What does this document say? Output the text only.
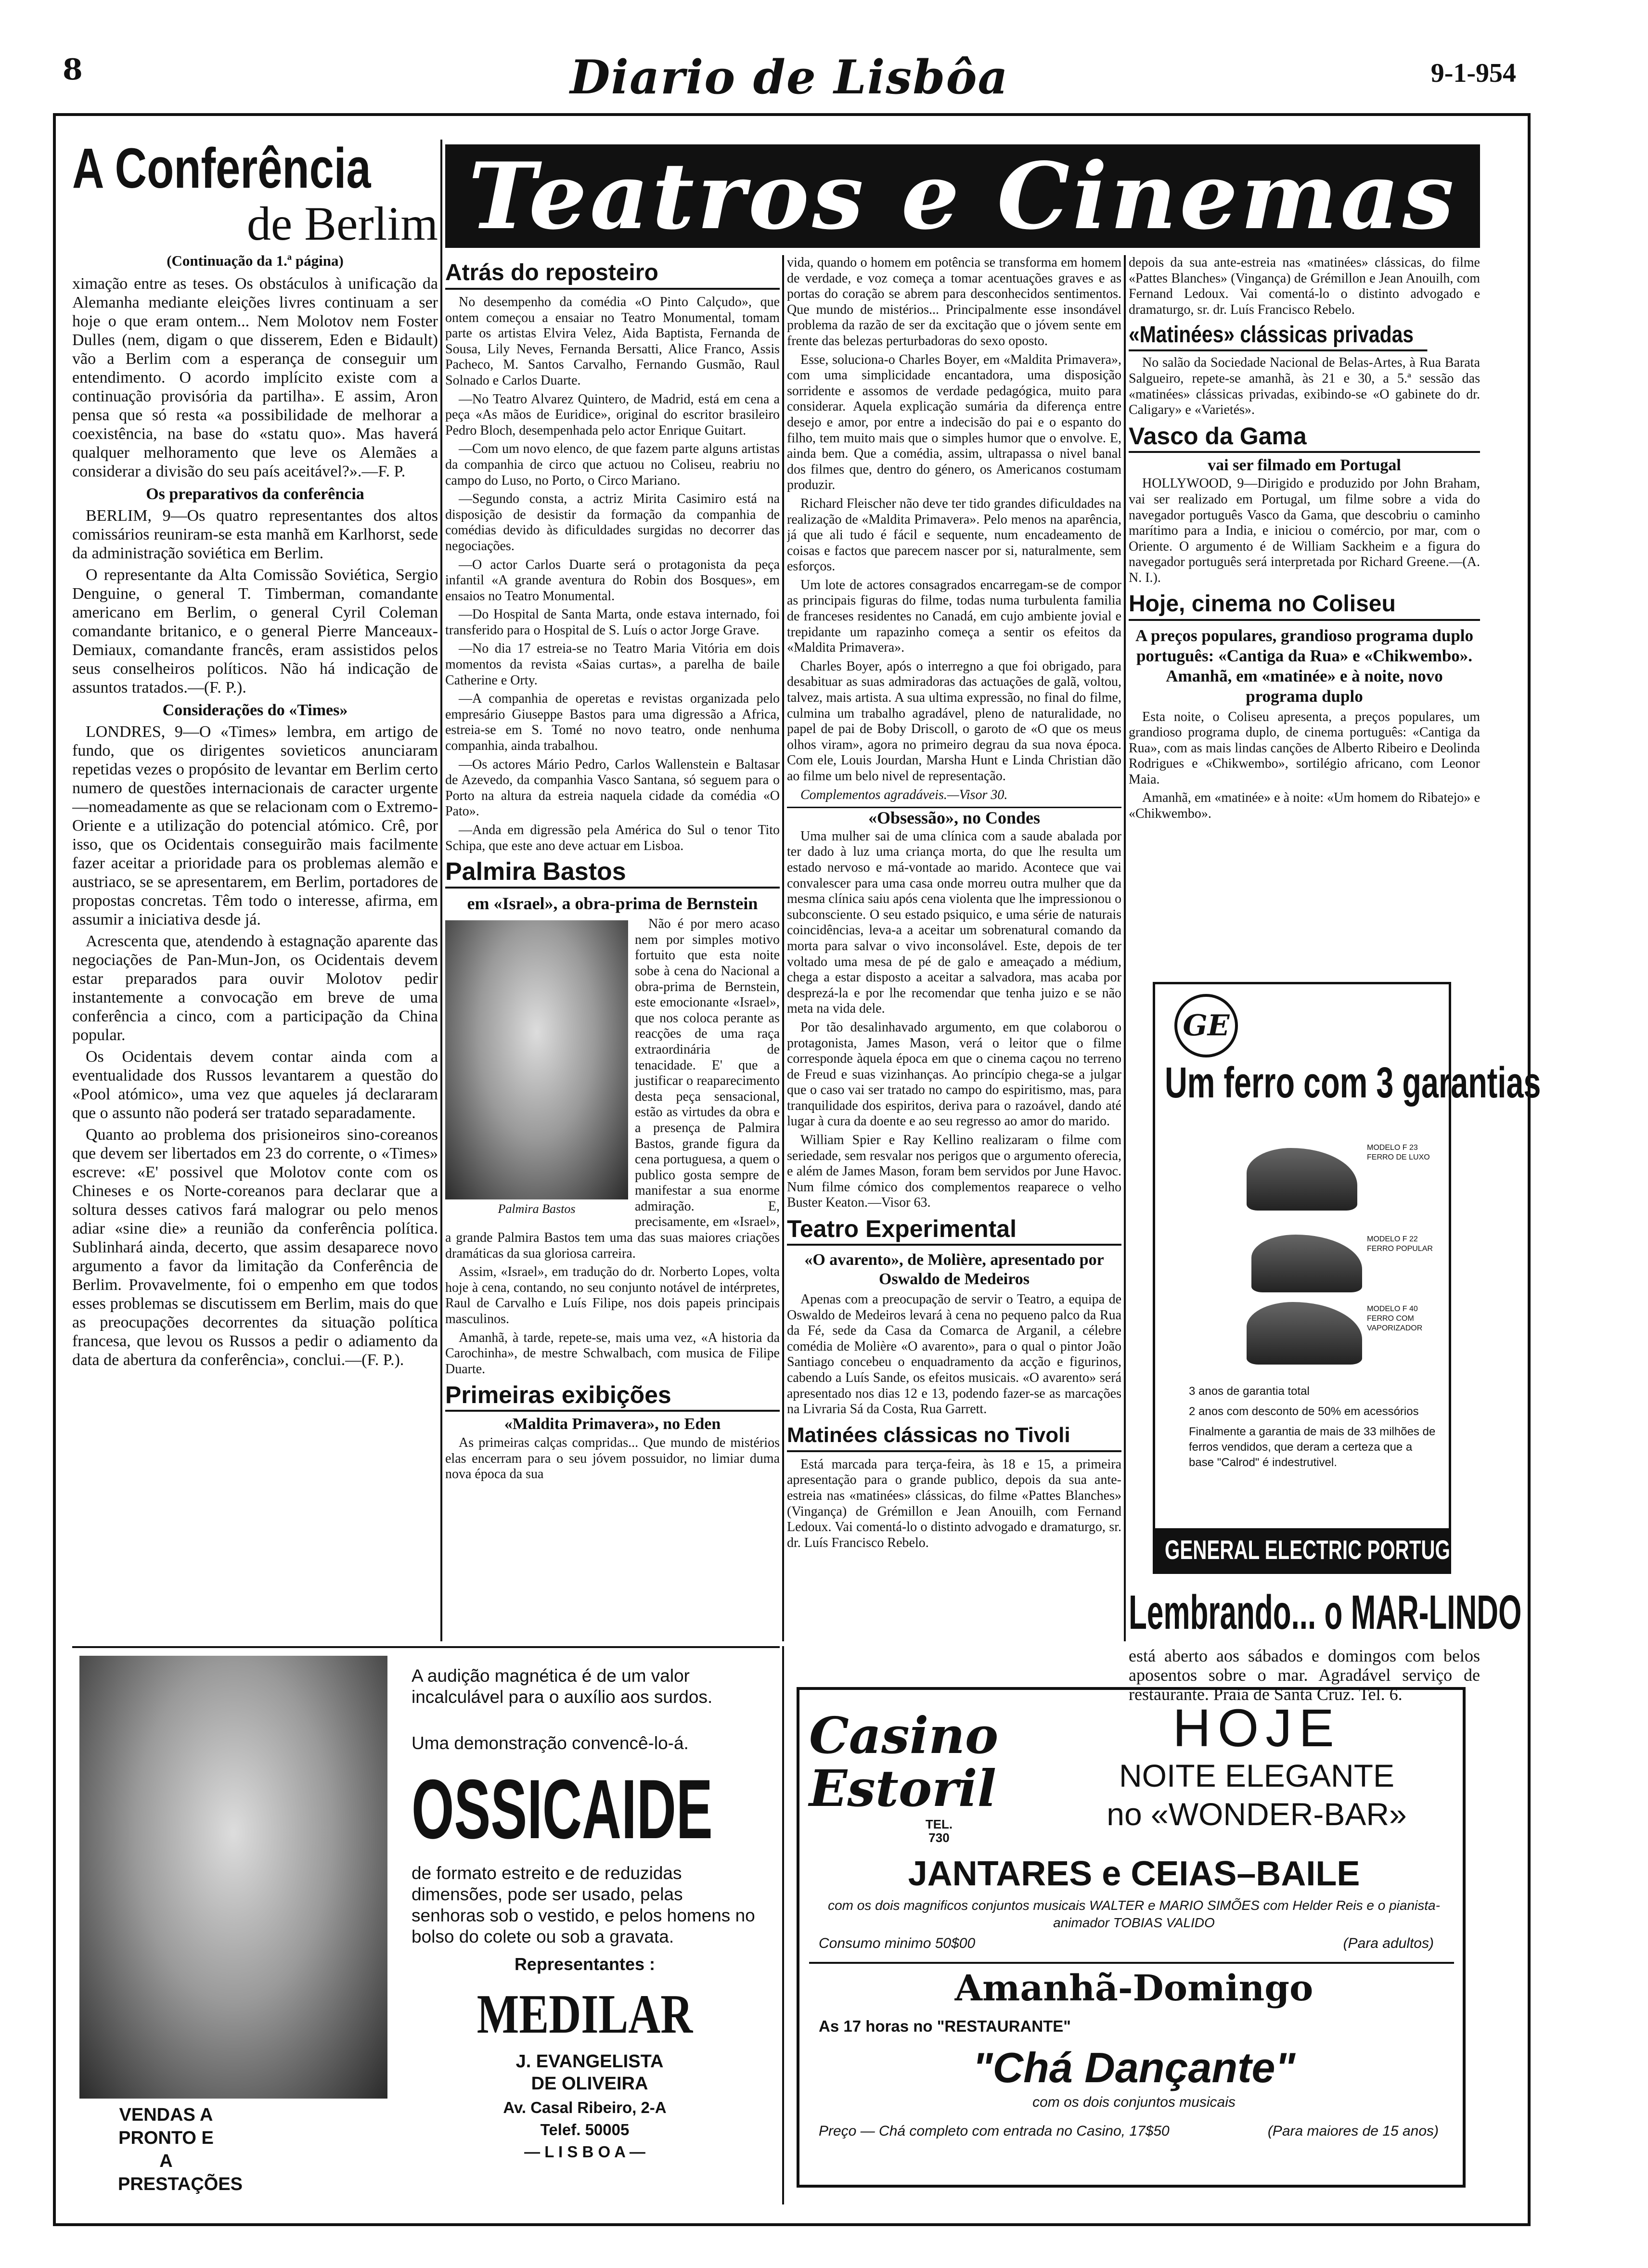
8	Diario de Lisbôa	9-1-954
A Conferência
de Berlim
(Continuação da 1.ª página)

ximação entre as teses. Os obstáculos à unificação da Alemanha mediante eleições livres continuam a ser hoje o que eram ontem... Nem Molotov nem Foster Dulles (nem, digam o que disserem, Eden e Bidault) vão a Berlim com a esperança de conseguir um entendimento. O acordo implícito existe com a continuação provisória da partilha». E assim, Aron pensa que só resta «a possibilidade de melhorar a coexistência, na base do «statu quo». Mas haverá qualquer melhoramento que leve os Alemães a considerar a divisão do seu país aceitável?».—F. P.

Os preparativos da conferência

BERLIM, 9—Os quatro representantes dos altos comissários reuniram-se esta manhã em Karlhorst, sede da administração soviética em Berlim.

O representante da Alta Comissão Soviética, Sergio Denguine, o general T. Timberman, comandante americano em Berlim, o general Cyril Coleman comandante britanico, e o general Pierre Manceaux-Demiaux, comandante francês, eram assistidos pelos seus conselheiros políticos. Não há indicação de assuntos tratados.—(F. P.).

Considerações do «Times»

LONDRES, 9—O «Times» lembra, em artigo de fundo, que os dirigentes sovieticos anunciaram repetidas vezes o propósito de levantar em Berlim certo numero de questões internacionais de caracter urgente—nomeadamente as que se relacionam com o Extremo-Oriente e a utilização do potencial atómico. Crê, por isso, que os Ocidentais conseguirão mais facilmente fazer aceitar a prioridade para os problemas alemão e austriaco, se se apresentarem, em Berlim, portadores de propostas concretas. Têm todo o interesse, afirma, em assumir a iniciativa desde já.

Acrescenta que, atendendo à estagnação aparente das negociações de Pan-Mun-Jon, os Ocidentais devem estar preparados para ouvir Molotov pedir instantemente a convocação em breve de uma conferência a cinco, com a participação da China popular.

Os Ocidentais devem contar ainda com a eventualidade dos Russos levantarem a questão do «Pool atómico», uma vez que aqueles já declararam que o assunto não poderá ser tratado separadamente.

Quanto ao problema dos prisioneiros sino-coreanos que devem ser libertados em 23 do corrente, o «Times» escreve: «E' possivel que Molotov conte com os Chineses e os Norte-coreanos para declarar que a soltura desses cativos fará malograr ou pelo menos adiar «sine die» a reunião da conferência política. Sublinhará ainda, decerto, que assim desaparece novo argumento a favor da limitação da Conferência de Berlim. Provavelmente, foi o empenho em que todos esses problemas se discutissem em Berlim, mais do que as preocupações decorrentes da situação política francesa, que levou os Russos a pedir o adiamento da data de abertura da conferência», conclui.—(F. P.).

Teatros e Cinemas
Atrás do reposteiro

No desempenho da comédia «O Pinto Calçudo», que ontem começou a ensaiar no Teatro Monumental, tomam parte os artistas Elvira Velez, Aida Baptista, Fernanda de Sousa, Lily Neves, Fernanda Bersatti, Alice Franco, Assis Pacheco, M. Santos Carvalho, Fernando Gusmão, Raul Solnado e Carlos Duarte.

—No Teatro Alvarez Quintero, de Madrid, está em cena a peça «As mãos de Euridice», original do escritor brasileiro Pedro Bloch, desempenhada pelo actor Enrique Guitart.

—Com um novo elenco, de que fazem parte alguns artistas da companhia de circo que actuou no Coliseu, reabriu no campo do Luso, no Porto, o Circo Mariano.

—Segundo consta, a actriz Mirita Casimiro está na disposição de desistir da formação da companhia de comédias devido às dificuldades surgidas no decorrer das negociações.

—O actor Carlos Duarte será o protagonista da peça infantil «A grande aventura do Robin dos Bosques», em ensaios no Teatro Monumental.

—Do Hospital de Santa Marta, onde estava internado, foi transferido para o Hospital de S. Luís o actor Jorge Grave.

—No dia 17 estreia-se no Teatro Maria Vitória em dois momentos da revista «Saias curtas», a parelha de baile Catherine e Orty.

—A companhia de operetas e revistas organizada pelo empresário Giuseppe Bastos para uma digressão a Africa, estreia-se em S. Tomé no novo teatro, onde nenhuma companhia, ainda trabalhou.

—Os actores Mário Pedro, Carlos Wallenstein e Baltasar de Azevedo, da companhia Vasco Santana, só seguem para o Porto na altura da estreia naquela cidade da comédia «O Pato».

—Anda em digressão pela América do Sul o tenor Tito Schipa, que este ano deve actuar em Lisboa.

Palmira Bastos
em «Israel», a obra-prima de Bernstein
Palmira Bastos

Não é por mero acaso nem por simples motivo fortuito que esta noite sobe à cena do Nacional a obra-prima de Bernstein, este emocionante «Israel», que nos coloca perante as reacções de uma raça extraordinária de tenacidade. E' que a justificar o reaparecimento desta peça sensacional, estão as virtudes da obra e a presença de Palmira Bastos, grande figura da cena portuguesa, a quem o publico gosta sempre de manifestar a sua enorme admiração. E, precisamente, em «Israel», a grande Palmira Bastos tem uma das suas maiores criações dramáticas da sua gloriosa carreira.

Assim, «Israel», em tradução do dr. Norberto Lopes, volta hoje à cena, contando, no seu conjunto notável de intérpretes, Raul de Carvalho e Luís Filipe, nos dois papeis principais masculinos.

Amanhã, à tarde, repete-se, mais uma vez, «A historia da Carochinha», de mestre Schwalbach, com musica de Filipe Duarte.

Primeiras exibições
«Maldita Primavera», no Eden

As primeiras calças compridas... Que mundo de mistérios elas encerram para o seu jóvem possuidor, no limiar duma nova época da sua

vida, quando o homem em potência se transforma em homem de verdade, e voz começa a tomar acentuações graves e as portas do coração se abrem para desconhecidos sentimentos. Que mundo de mistérios... Principalmente esse insondável problema da razão de ser da excitação que o jóvem sente em frente das belezas perturbadoras do sexo oposto.

Esse, soluciona-o Charles Boyer, em «Maldita Primavera», com uma simplicidade encantadora, uma disposição sorridente e assomos de verdade pedagógica, muito para considerar. Aquela explicação sumária da diferença entre desejo e amor, por entre a indecisão do pai e o espanto do filho, tem muito mais que o simples humor que o envolve. E, ainda bem. Que a comédia, assim, ultrapassa o nivel banal dos filmes que, dentro do género, os Americanos costumam produzir.

Richard Fleischer não deve ter tido grandes dificuldades na realização de «Maldita Primavera». Pelo menos na aparência, já que ali tudo é fácil e sequente, num encadeamento de coisas e factos que parecem nascer por si, naturalmente, sem esforços.

Um lote de actores consagrados encarregam-se de compor as principais figuras do filme, todas numa turbulenta familia de franceses residentes no Canadá, em cujo ambiente jovial e trepidante um rapazinho começa a sentir os efeitos da «Maldita Primavera».

Charles Boyer, após o interregno a que foi obrigado, para desabituar as suas admiradoras das actuações de galã, voltou, talvez, mais artista. A sua ultima expressão, no final do filme, culmina um trabalho agradável, pleno de naturalidade, no papel de pai de Boby Driscoll, o garoto de «O que os meus olhos viram», agora no primeiro degrau da sua nova época. Com ele, Louis Jourdan, Marsha Hunt e Linda Christian dão ao filme um belo nivel de representação.

Complementos agradáveis.—Visor 30.

«Obsessão», no Condes

Uma mulher sai de uma clínica com a saude abalada por ter dado à luz uma criança morta, do que lhe resulta um estado nervoso e má-vontade ao marido. Acontece que vai convalescer para uma casa onde morreu outra mulher que da mesma clínica saiu após cena violenta que lhe impressionou o subconsciente. O seu estado psiquico, e uma série de naturais coincidências, leva-a a aceitar um sobrenatural comando da morta para salvar o vivo inconsolável. Este, depois de ter voltado uma mesa de pé de galo e ameaçado a médium, chega a estar disposto a aceitar a salvadora, mas acaba por desprezá-la e por lhe recomendar que tenha juizo e se não meta na vida dele.

Por tão desalinhavado argumento, em que colaborou o protagonista, James Mason, verá o leitor que o filme corresponde àquela época em que o cinema caçou no terreno de Freud e suas vizinhanças. Ao princípio chega-se a julgar que o caso vai ser tratado no campo do espiritismo, mas, para tranquilidade dos espiritos, deriva para o razoável, dando até lugar à cura da doente e ao seu regresso ao amor do marido.

William Spier e Ray Kellino realizaram o filme com seriedade, sem resvalar nos perigos que o argumento oferecia, e além de James Mason, foram bem servidos por June Havoc. Num filme cómico dos complementos reaparece o velho Buster Keaton.—Visor 63.

Teatro Experimental
«O avarento», de Molière, apresentado por Oswaldo de Medeiros

Apenas com a preocupação de servir o Teatro, a equipa de Oswaldo de Medeiros levará à cena no pequeno palco da Rua da Fé, sede da Casa da Comarca de Arganil, a célebre comédia de Molière «O avarento», para o qual o pintor João Santiago concebeu o enquadramento da acção e figurinos, cabendo a Luís Sande, os efeitos musicais. «O avarento» será apresentado nos dias 12 e 13, podendo fazer-se as marcações na Livraria Sá da Costa, Rua Garrett.

Matinées clássicas no Tivoli

Está marcada para terça-feira, às 18 e 15, a primeira apresentação para o grande publico, depois da sua ante-estreia nas «matinées» clássicas, do filme «Pattes Blanches» (Vingança) de Grémillon e Jean Anouilh, com Fernand Ledoux. Vai comentá-lo o distinto advogado e dramaturgo, sr. dr. Luís Francisco Rebelo.

depois da sua ante-estreia nas «matinées» clássicas, do filme «Pattes Blanches» (Vingança) de Grémillon e Jean Anouilh, com Fernand Ledoux. Vai comentá-lo o distinto advogado e dramaturgo, sr. dr. Luís Francisco Rebelo.

«Matinées» clássicas privadas

No salão da Sociedade Nacional de Belas-Artes, à Rua Barata Salgueiro, repete-se amanhã, às 21 e 30, a 5.ª sessão das «matinées» clássicas privadas, exibindo-se «O gabinete do dr. Caligary» e «Varietés».

Vasco da Gama
vai ser filmado em Portugal

HOLLYWOOD, 9—Dirigido e produzido por John Braham, vai ser realizado em Portugal, um filme sobre a vida do navegador português Vasco da Gama, que descobriu o caminho marítimo para a India, e iniciou o comércio, por mar, com o Oriente. O argumento é de William Sackheim e a figura do navegador português será interpretada por Richard Greene.—(A. N. I.).

Hoje, cinema no Coliseu
A preços populares, grandioso programa duplo português: «Cantiga da Rua» e «Chikwembo». Amanhã, em «matinée» e à noite, novo programa duplo

Esta noite, o Coliseu apresenta, a preços populares, um grandioso programa duplo, de cinema português: «Cantiga da Rua», com as mais lindas canções de Alberto Ribeiro e Deolinda Rodrigues e «Chikwembo», sortilégio africano, com Leonor Maia.

Amanhã, em «matinée» e à noite: «Um homem do Ribatejo» e «Chikwembo».

GE
Um ferro com 3 garantias
MODELO F 23 FERRO DE LUXO
MODELO F 22 FERRO POPULAR
MODELO F 40 FERRO COM VAPORIZADOR
3 anos de garantia total
2 anos com desconto de 50% em acessórios
Finalmente a garantia de mais de 33 milhões de ferros vendidos, que deram a certeza que a base "Calrod" é indestrutivel.
GENERAL ELECTRIC PORTUGUESA
Lembrando... o MAR-LINDO
está aberto aos sábados e domingos com belos aposentos sobre o mar. Agradável serviço de restaurante. Praia de Santa Cruz. Tel. 6.
VENDAS A PRONTO E A PRESTAÇÕES
A audição magnética é de um valor incalculável para o auxílio aos surdos.
Uma demonstração convencê-lo-á.
OSSICAIDE
de formato estreito e de reduzidas dimensões, pode ser usado, pelas senhoras sob o vestido, e pelos homens no bolso do colete ou sob a gravata.
Representantes :
MEDILAR
J. EVANGELISTA DE OLIVEIRA
Av. Casal Ribeiro, 2-A
Telef. 50005
— L I S B O A —
Casino Estoril
TEL. 730
HOJE
NOITE ELEGANTE
no «WONDER-BAR»
JANTARES e CEIAS–BAILE
com os dois magnificos conjuntos musicais WALTER e MARIO SIMÕES com Helder Reis e o pianista-animador TOBIAS VALIDO
Consumo minimo 50$00	(Para adultos)
Amanhã-Domingo
As 17 horas no "RESTAURANTE"
"Chá Dançante"
com os dois conjuntos musicais
Preço — Chá completo com entrada no Casino, 17$50	(Para maiores de 15 anos)
